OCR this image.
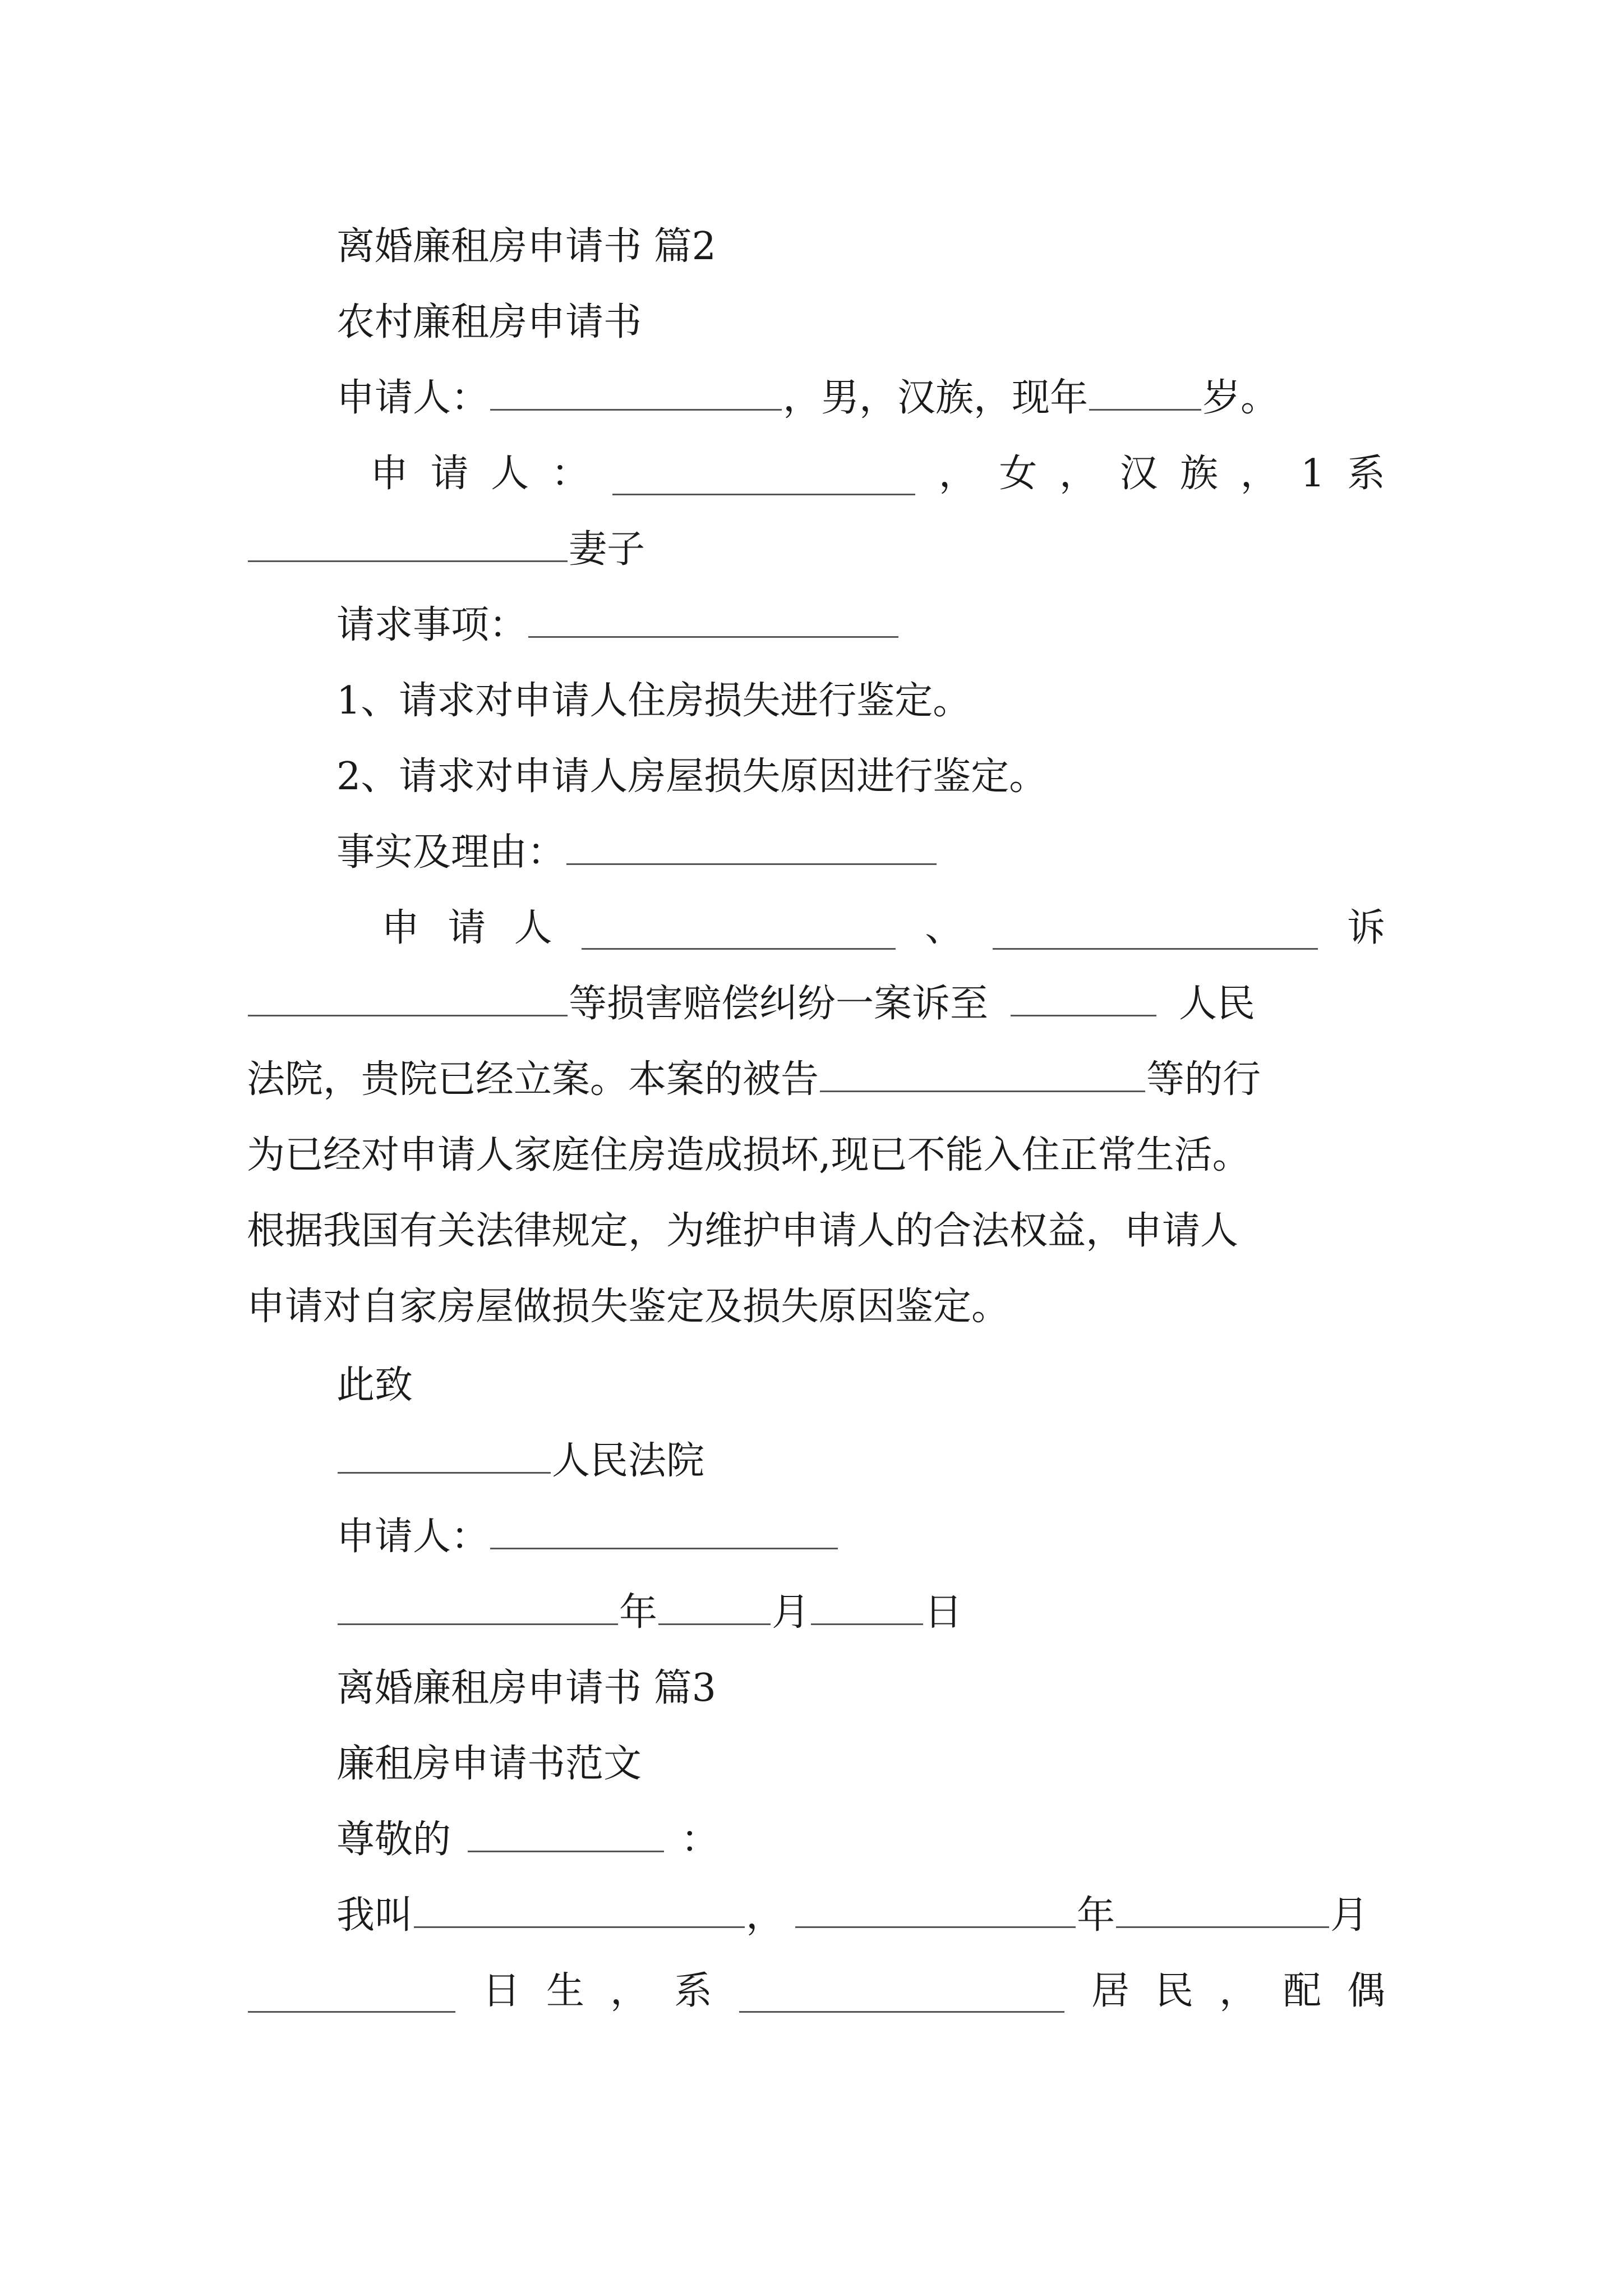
离婚廉租房申请书 篇2
农村廉租房申请书
申请人：	，男，汉族，现年	岁。
申 请 人 ：	， 女 ， 汉 族 ， 1 系
妻子
请求事项：
1、请求对申请人住房损失进行鉴定。
2、请求对申请人房屋损失原因进行鉴定。
事实及理由：
申 请 人	、	诉
等损害赔偿纠纷一案诉至	人民
法院，贵院已经立案。本案的被告	等的行
为已经对申请人家庭住房造成损坏,现已不能入住正常生活。
根据我国有关法律规定，为维护申请人的合法权益，申请人
申请对自家房屋做损失鉴定及损失原因鉴定。
此致
人民法院
申请人：
年	月	日
离婚廉租房申请书 篇3
廉租房申请书范文
尊敬的	：
我叫	，	年	月
日 生 ， 系	居 民 ， 配 偶
